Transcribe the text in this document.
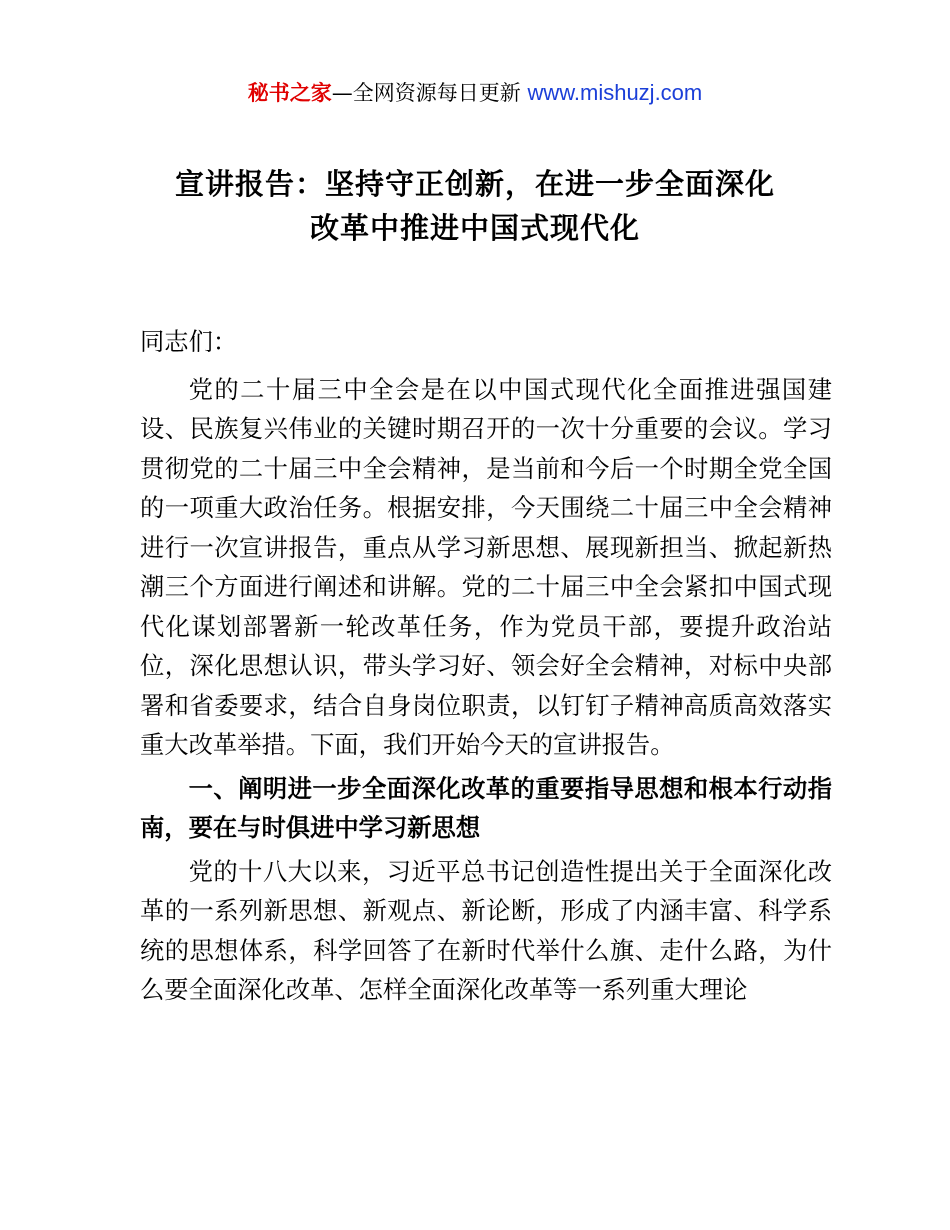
秘书之家—全网资源每日更新 www.mishuzj.com
宣讲报告：坚持守正创新，在进一步全面深化
改革中推进中国式现代化

同志们：

党的二十届三中全会是在以中国式现代化全面推进强国建设、民族复兴伟业的关键时期召开的一次十分重要的会议。学习贯彻党的二十届三中全会精神，是当前和今后一个时期全党全国的一项重大政治任务。根据安排，今天围绕二十届三中全会精神进行一次宣讲报告，重点从学习新思想、展现新担当、掀起新热潮三个方面进行阐述和讲解。党的二十届三中全会紧扣中国式现代化谋划部署新一轮改革任务，作为党员干部，要提升政治站位，深化思想认识，带头学习好、领会好全会精神，对标中央部署和省委要求，结合自身岗位职责，以钉钉子精神高质高效落实重大改革举措。下面，我们开始今天的宣讲报告。

一、阐明进一步全面深化改革的重要指导思想和根本行动指南，要在与时俱进中学习新思想

党的十八大以来，习近平总书记创造性提出关于全面深化改革的一系列新思想、新观点、新论断，形成了内涵丰富、科学系统的思想体系，科学回答了在新时代举什么旗、走什么路，为什么要全面深化改革、怎样全面深化改革等一系列重大理论
